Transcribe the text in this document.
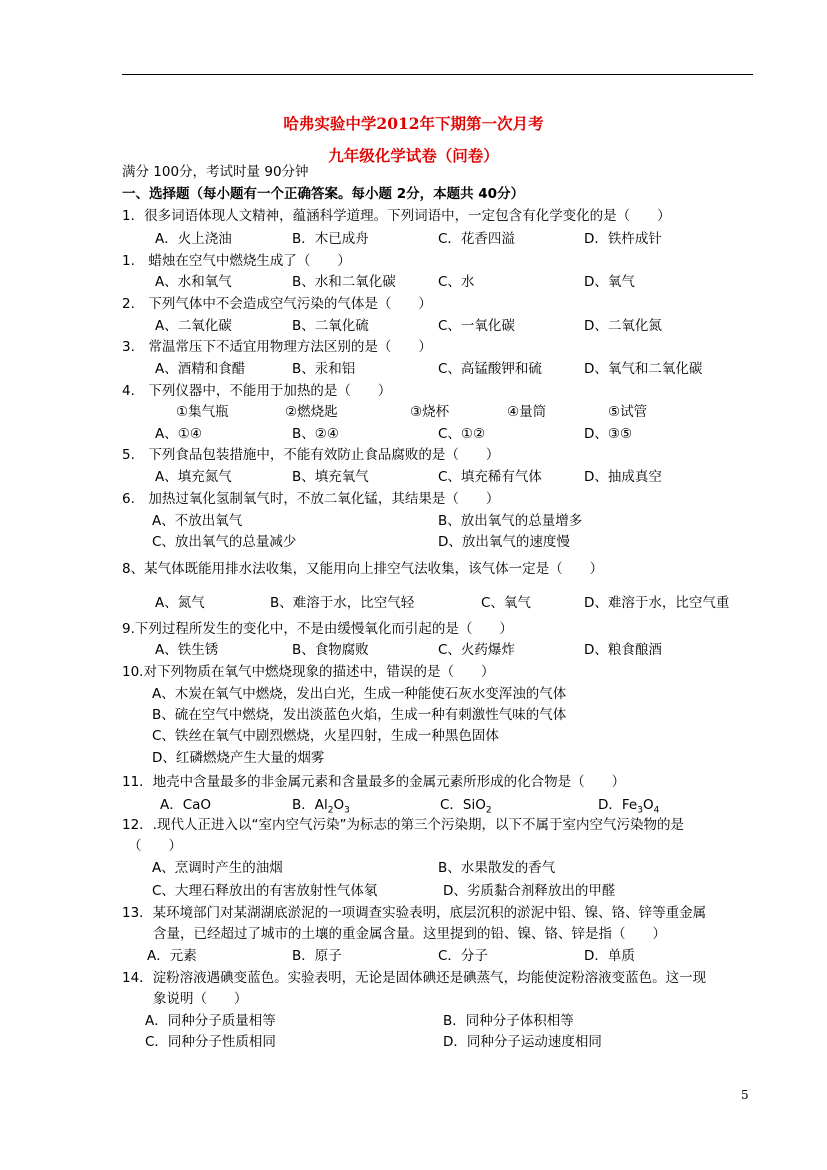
哈弗实验中学2012年下期第一次月考
九年级化学试卷（问卷）
满分 100分，考试时量 90分钟
一、选择题（每小题有一个正确答案。每小题 2分，本题共 40分）
1．很多词语体现人文精神，蕴涵科学道理。下列词语中，一定包含有化学变化的是（　　）
A．火上浇油	B．木已成舟	C．花香四溢	D．铁杵成针
1.　蜡烛在空气中燃烧生成了（　　）
A、水和氧气	B、水和二氧化碳	C、水	D、氧气
2.　下列气体中不会造成空气污染的气体是（　　）
A、二氧化碳	B、二氧化硫	C、一氧化碳	D、二氧化氮
3.　常温常压下不适宜用物理方法区别的是（　　）
A、酒精和食醋	B、汞和铝	C、高锰酸钾和硫	D、氧气和二氧化碳
4.　下列仪器中，不能用于加热的是（　　）
①集气瓶	②燃烧匙	③烧杯	④量筒	⑤试管
A、①④	B、②④	C、①②	D、③⑤
5.　下列食品包装措施中，不能有效防止食品腐败的是（　　）
A、填充氮气	B、填充氧气	C、填充稀有气体	D、抽成真空
6.　加热过氧化氢制氧气时，不放二氧化锰，其结果是（　　）
A、不放出氧气	B、放出氧气的总量增多
C、放出氧气的总量减少	D、放出氧气的速度慢
8、某气体既能用排水法收集，又能用向上排空气法收集，该气体一定是（　　）
A、氮气	B、难溶于水，比空气轻	C、氧气	D、难溶于水，比空气重
9.下列过程所发生的变化中，不是由缓慢氧化而引起的是（　　）
A、铁生锈	B、食物腐败	C、火药爆炸	D、粮食酿酒
10.对下列物质在氧气中燃烧现象的描述中，错误的是（　　）
A、木炭在氧气中燃烧，发出白光，生成一种能使石灰水变浑浊的气体
B、硫在空气中燃烧，发出淡蓝色火焰，生成一种有刺激性气味的气体
C、铁丝在氧气中剧烈燃烧，火星四射，生成一种黑色固体
D、红磷燃烧产生大量的烟雾
11．地壳中含量最多的非金属元素和含量最多的金属元素所形成的化合物是（　　）
A．CaO	B．$Al_2O_3$	C．SiO$_2$	D．$Fe_3O_4$
12．.现代人正进入以“室内空气污染”为标志的第三个污染期，以下不属于室内空气污染物的是
（　　）
A、烹调时产生的油烟	B、水果散发的香气
C、大理石释放出的有害放射性气体氡	D、劣质黏合剂释放出的甲醛
13．某环境部门对某湖湖底淤泥的一项调查实验表明，底层沉积的淤泥中铅、镍、铬、锌等重金属
含量，已经超过了城市的土壤的重金属含量。这里提到的铅、镍、铬、锌是指（　　）
A．元素	B．原子	C．分子	D．单质
14．淀粉溶液遇碘变蓝色。实验表明，无论是固体碘还是碘蒸气，均能使淀粉溶液变蓝色。这一现
象说明（　　）
A．同种分子质量相等	B．同种分子体积相等
C．同种分子性质相同	D．同种分子运动速度相同
5
